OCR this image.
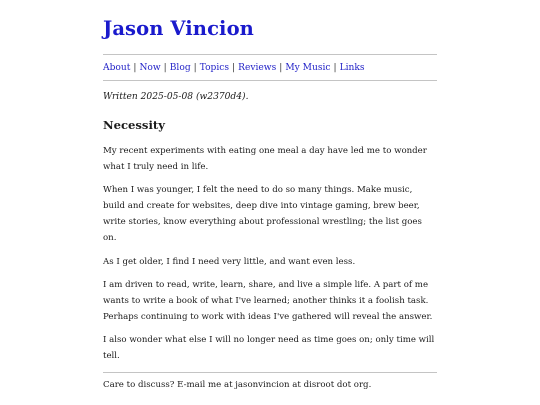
Jason Vincion
About | Now | Blog | Topics | Reviews | My Music | Links
Written 2025-05-08 (w2370d4).
Necessity

My recent experiments with eating one meal a day have led me to wonder what I truly need in life.

When I was younger, I felt the need to do so many things. Make music, build and create for websites, deep dive into vintage gaming, brew beer, write stories, know everything about professional wrestling; the list goes on.

As I get older, I find I need very little, and want even less.

I am driven to read, write, learn, share, and live a simple life. A part of me wants to write a book of what I've learned; another thinks it a foolish task. Perhaps continuing to work with ideas I've gathered will reveal the answer.

I also wonder what else I will no longer need as time goes on; only time will tell.

Care to discuss? E-mail me at jasonvincion at disroot dot org.
